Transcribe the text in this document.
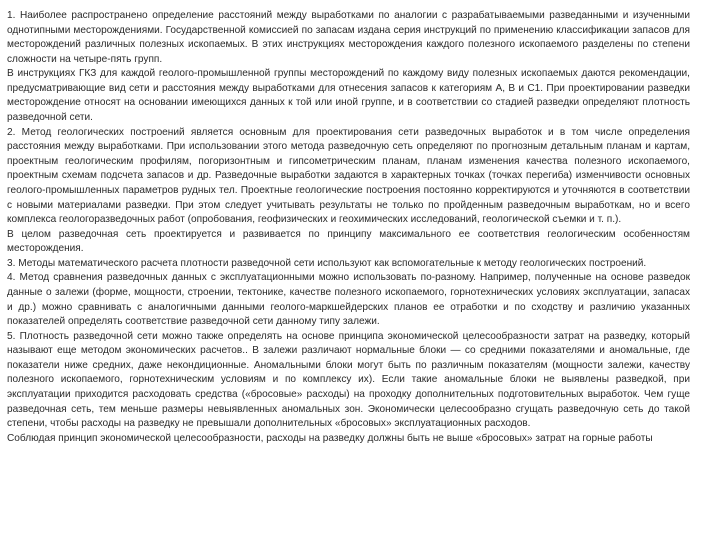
1. Наиболее распространено определение расстояний между выработками по аналогии с разрабатываемыми разведанными и изученными однотипными месторождениями. Государственной комиссией по запасам издана серия инструкций по применению классификации запасов для месторождений различных полезных ископаемых. В этих инструкциях месторождения каждого полезного ископаемого разделены по степени сложности на четыре-пять групп.

В инструкциях ГКЗ для каждой геолого-промышленной группы месторождений по каждому виду полезных ископаемых даются рекомендации, предусматривающие вид сети и расстояния между выработками для отнесения запасов к категориям А, В и С1. При проектировании разведки месторождение относят на основании имеющихся данных к той или иной группе, и в соответствии со стадией разведки определяют плотность разведочной сети.

2. Метод геологических построений является основным для проектирования сети разведочных выработок и в том числе определения расстояния между выработками. При использовании этого метода разведочную сеть определяют по прогнозным детальным планам и картам, проектным геологическим профилям, погоризонтным и гипсометрическим планам, планам изменения качества полезного ископаемого, проектным схемам подсчета запасов и др. Разведочные выработки задаются в характерных точках (точках перегиба) изменчивости основных геолого-промышленных параметров рудных тел. Проектные геологические построения постоянно корректируются и уточняются в соответствии с новыми материалами разведки. При этом следует учитывать результаты не только по пройденным разведочным выработкам, но и всего комплекса геологоразведочных работ (опробования, геофизических и геохимических исследований, геологической съемки и т. п.).

В целом разведочная сеть проектируется и развивается по принципу максимального ее соответствия геологическим особенностям месторождения.

3. Методы математического расчета плотности разведочной сети используют как вспомогательные к методу геологических построений.

4. Метод сравнения разведочных данных с эксплуатационными можно использовать по-разному. Например, полученные на основе разведок данные о залежи (форме, мощности, строении, тектонике, качестве полезного ископаемого, горнотехнических условиях эксплуатации, запасах и др.) можно сравнивать с аналогичными данными геолого-маркшейдерских планов ее отработки и по сходству и различию указанных показателей определять соответствие разведочной сети данному типу залежи.

5. Плотность разведочной сети можно также определять на основе принципа экономической целесообразности затрат на разведку, который называют еще методом экономических расчетов.. В залежи различают нормальные блоки — со средними показателями и аномальные, где показатели ниже средних, даже некондиционные. Аномальными блоки могут быть по различным показателям (мощности залежи, качеству полезного ископаемого, горнотехническим условиям и по комплексу их). Если такие аномальные блоки не выявлены разведкой, при эксплуатации приходится расходовать средства («бросовые» расходы) на проходку дополнительных подготовительных выработок. Чем гуще разведочная сеть, тем меньше размеры невыявленных аномальных зон. Экономически целесообразно сгущать разведочную сеть до такой степени, чтобы расходы на разведку не превышали дополнительных «бросовых» эксплуатационных расходов.

Соблюдая принцип экономической целесообразности, расходы на разведку должны быть не выше «бросовых» затрат на горные работы
